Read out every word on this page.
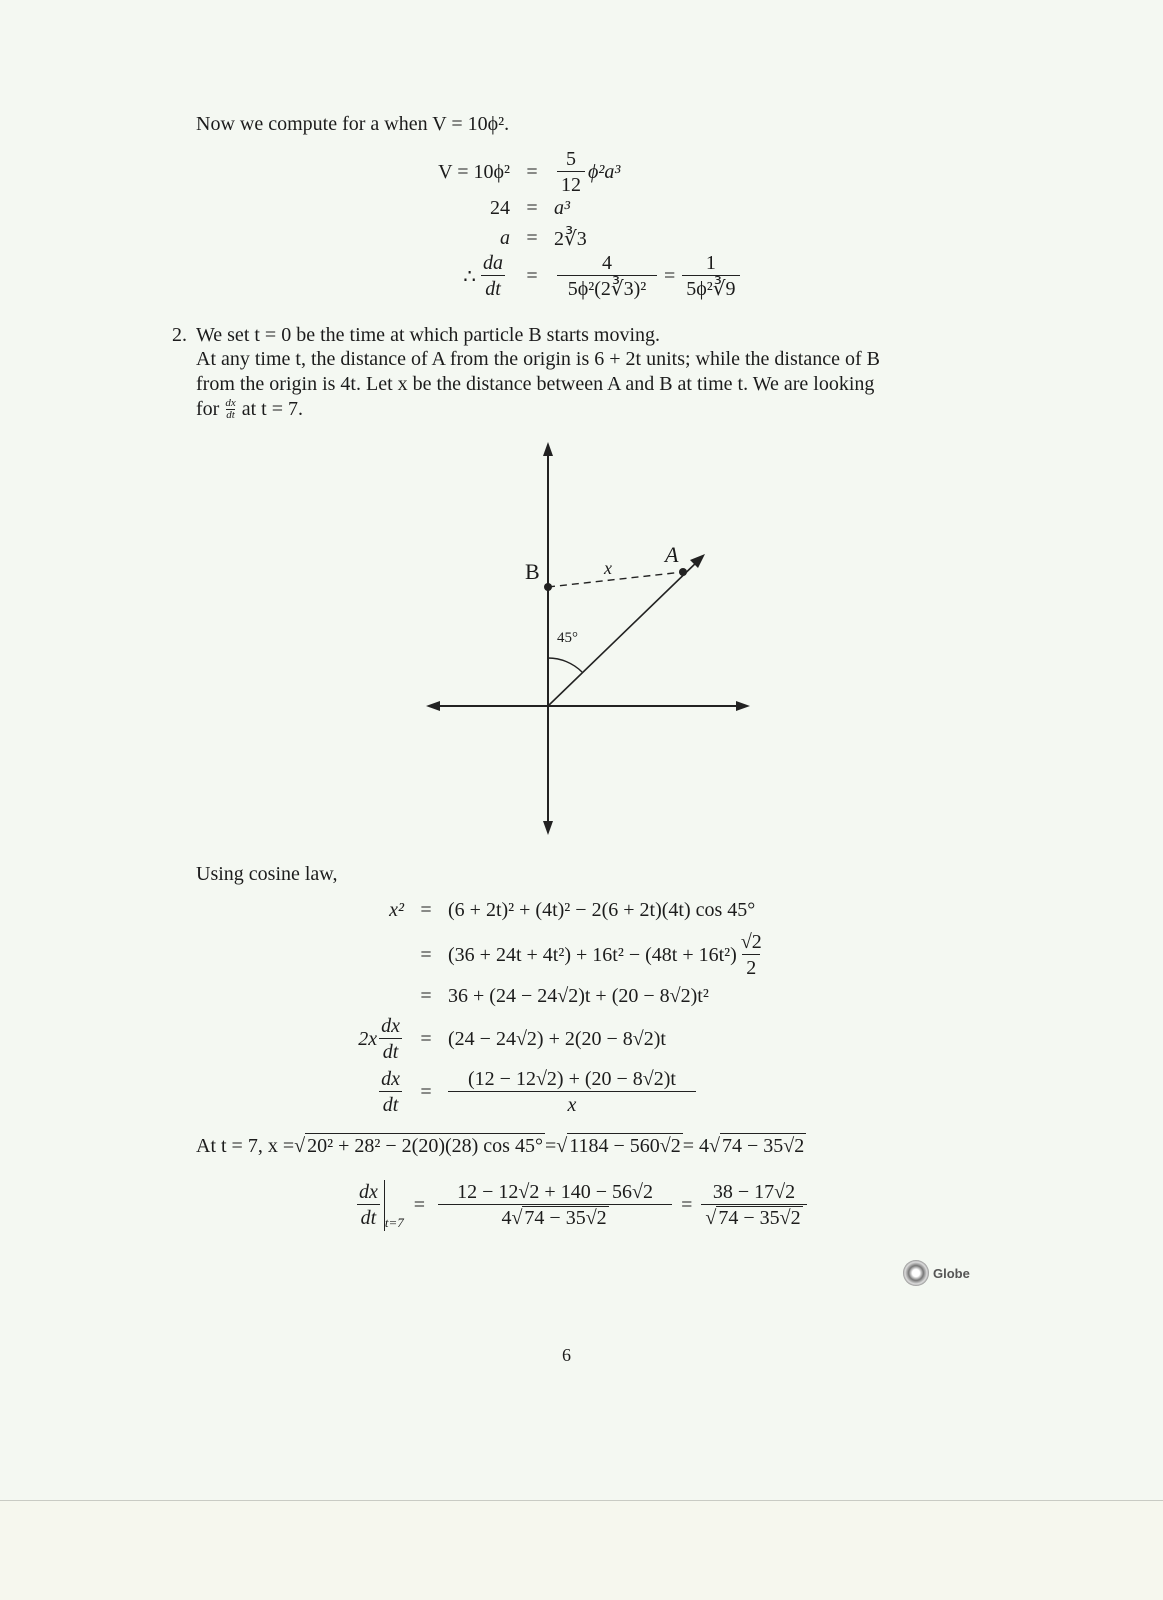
Now we compute for a when V = 10ϕ².
$V = 10\phi^2 = \frac{5}{12} \phi^2a^3$
24 = a³
a = 2∛3
∴ $\frac{da}{dt} = \frac{4}{\text{5ϕ²(2∛3)²}} = \frac{1}{\text{5ϕ²∛9}}$
2. We set t = 0 be the time at which particle B starts moving.
At any time t, the distance of A from the origin is 6 + 2t units; while the distance of B
from the origin is 4t. Let x be the distance between A and B at time t. We are looking
for $\frac{dx}{dt}$ at t = 7.
B	x
A
45°
Using cosine law,
x² = (6 + 2t)² + (4t)² − 2(6 + 2t)(4t) cos 45°
= $(36 + 24t + 4t^2) + 16t^2 - (48t + 16t^2) \frac{√2}{2}$
= 36 + (24 − 24√2)t + (20 − 8√2)t²
$2x \frac{dx}{dt} = (24 - 24√2) + 2(20 - 8√2)t$
$\frac{dx}{dt} = \frac{(12 - 12√2) + (20 - 8√2)t}{x}$
At t = 7, x = √ 20² + 28² − 2(20)(28) cos 45° = √ 1184 − 560√2 = 4 √ 74 − 35√2
$\frac{dx}{dt} t=7$
= $\frac{12 - 12√2 + 140 - 56√2}{4√ 74 - 35√2} = \frac{38 - 17√2}{√ 74 - 35√2}$
Globe
6
